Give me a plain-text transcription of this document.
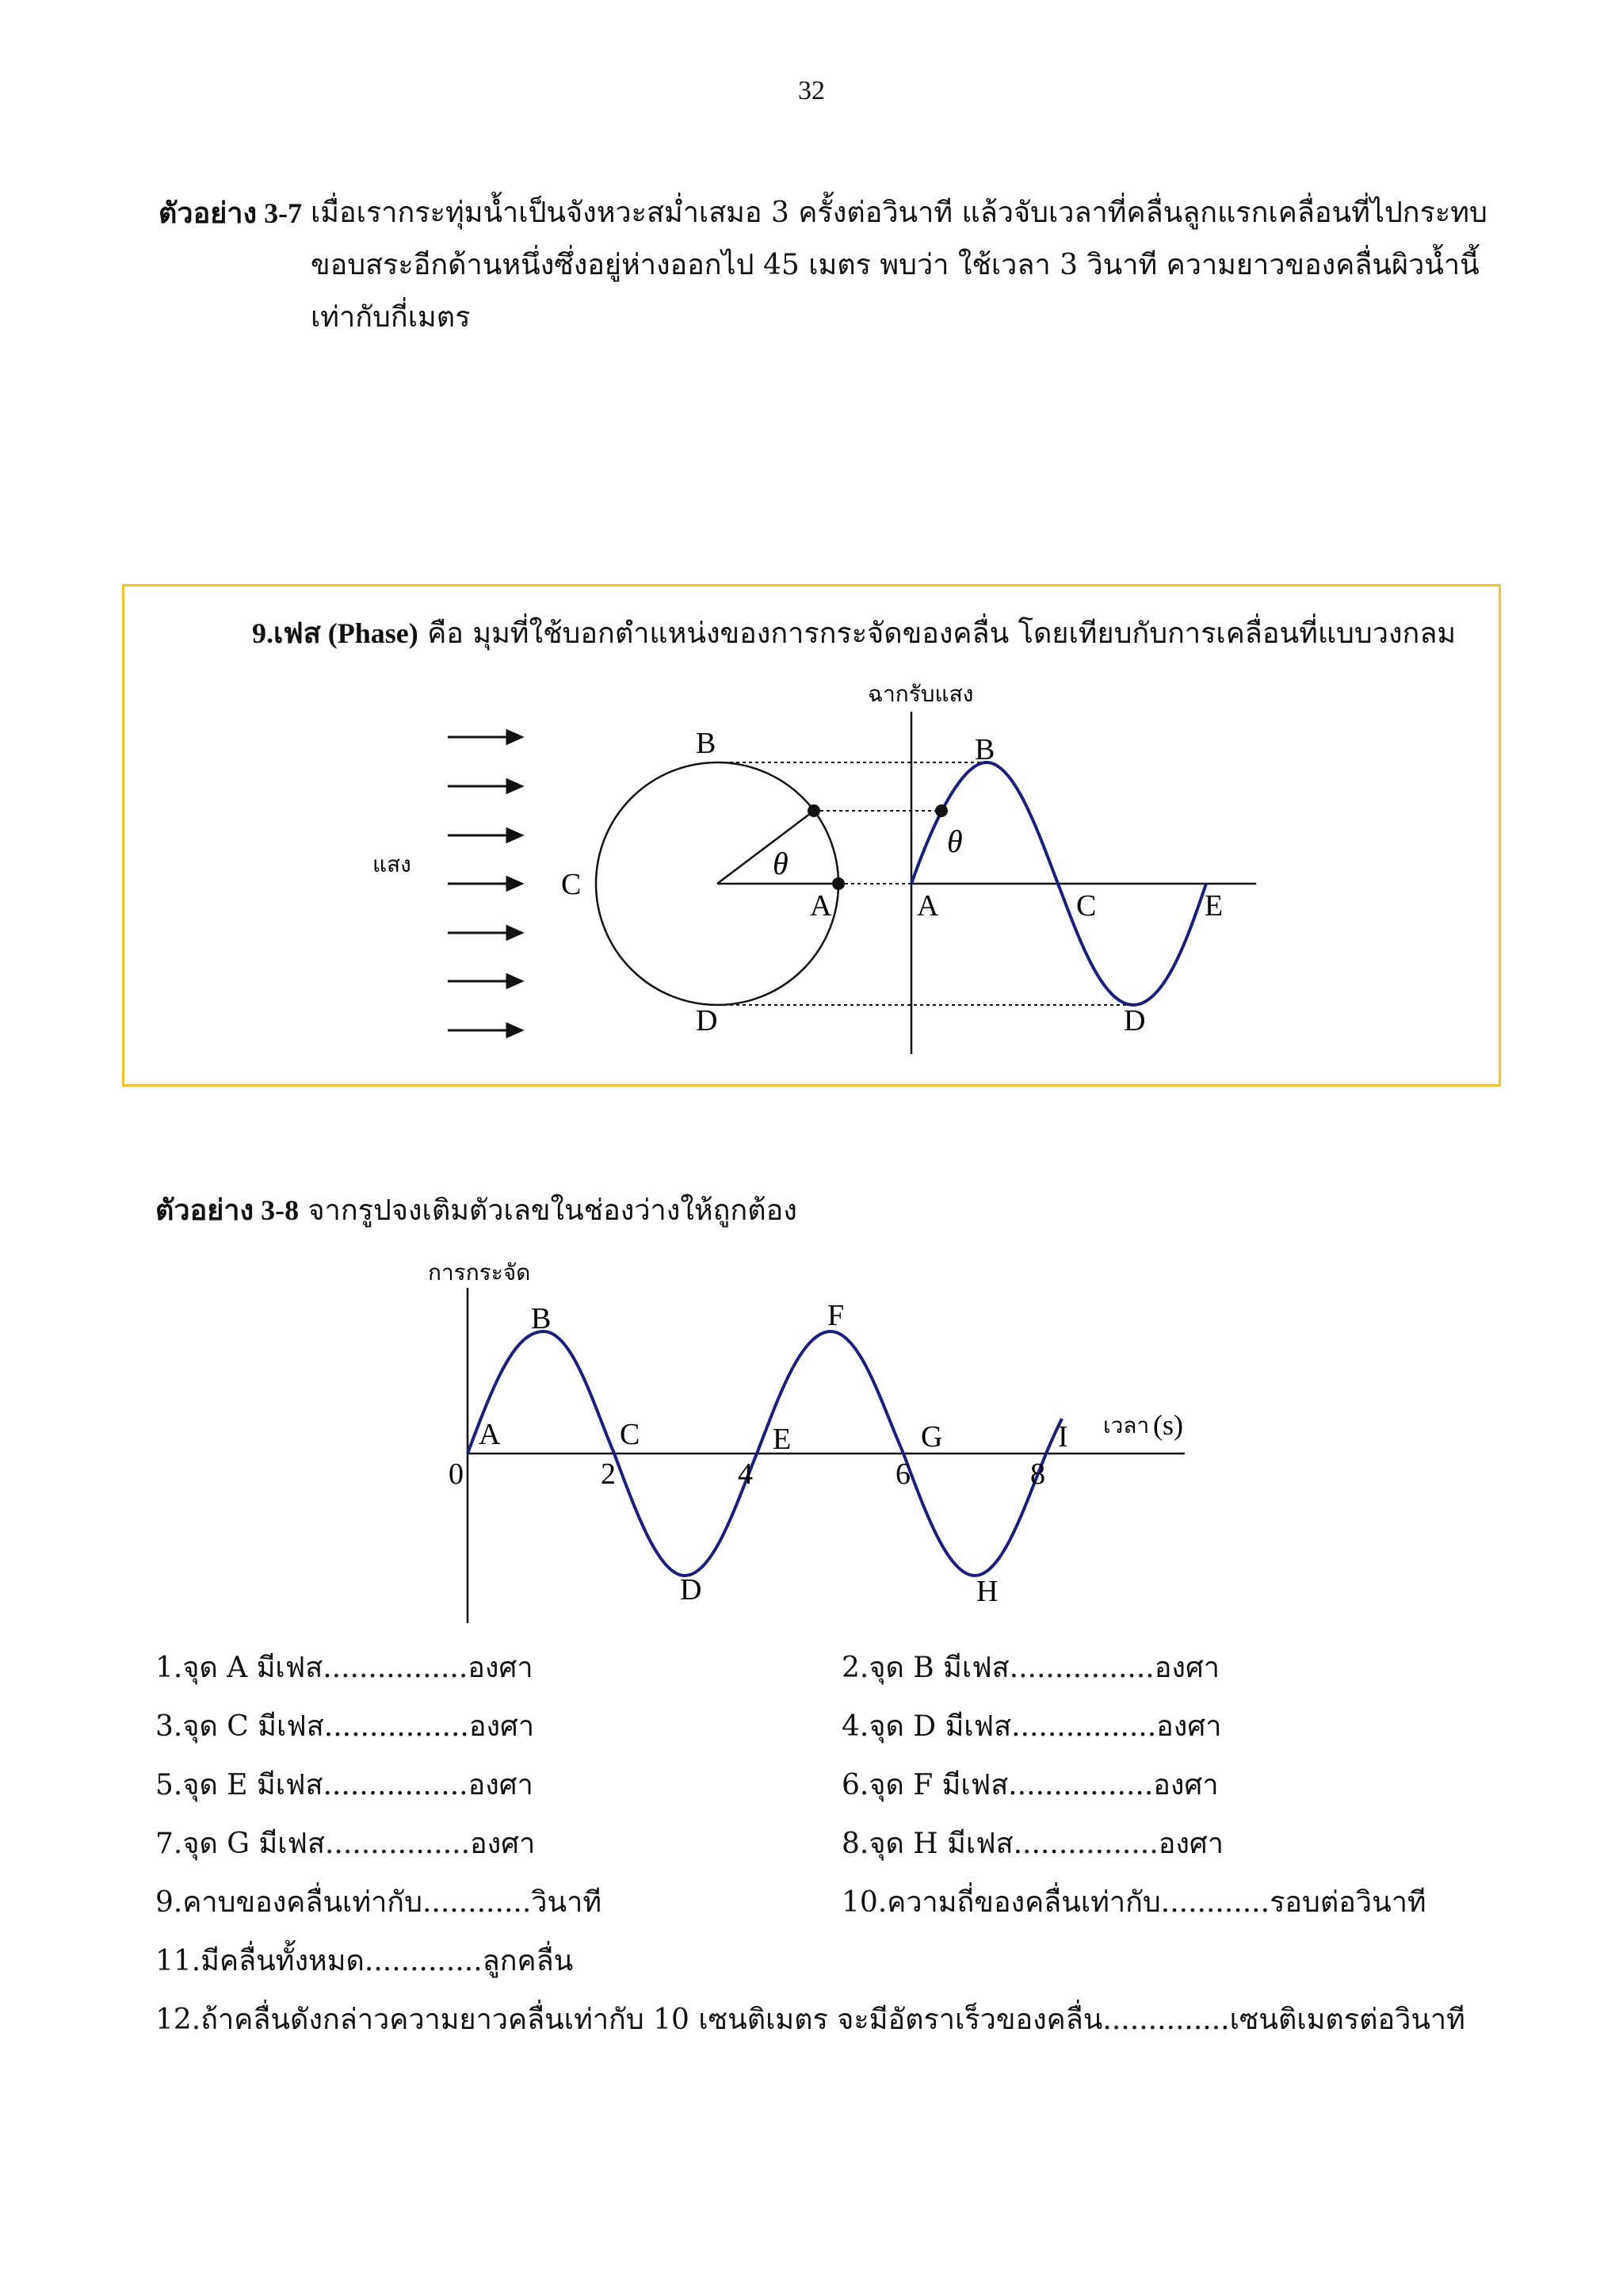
32
ตัวอย่าง 3-7 เมื่อเรากระทุ่มน้ำเป็นจังหวะสม่ำเสมอ 3 ครั้งต่อวินาที แล้วจับเวลาที่คลื่นลูกแรกเคลื่อนที่ไปกระทบขอบสระอีกด้านหนึ่งซึ่งอยู่ห่างออกไป 45 เมตร พบว่า ใช้เวลา 3 วินาที ความยาวของคลื่นผิวน้ำนี้เท่ากับกี่เมตร
9.เฟส (Phase) คือ มุมที่ใช้บอกตำแหน่งของการกระจัดของคลื่น โดยเทียบกับการเคลื่อนที่แบบวงกลม
แสง	θ
B
C
A
D
ฉากรับแสง
θ
B
A	C	E
D
ตัวอย่าง 3-8 จากรูปจงเติมตัวเลขในช่องว่างให้ถูกต้อง
การกระจัด
เวลา (s)
0	2	4	6	8
A
B
C
D
E
F
G
H
I
1.จุด A มีเฟส................องศา	2.จุด B มีเฟส................องศา
3.จุด C มีเฟส................องศา	4.จุด D มีเฟส................องศา
5.จุด E มีเฟส................องศา	6.จุด F มีเฟส................องศา
7.จุด G มีเฟส................องศา	8.จุด H มีเฟส................องศา
9.คาบของคลื่นเท่ากับ............วินาที	10.ความถี่ของคลื่นเท่ากับ............รอบต่อวินาที
11.มีคลื่นทั้งหมด.............ลูกคลื่น
12.ถ้าคลื่นดังกล่าวความยาวคลื่นเท่ากับ 10 เซนติเมตร จะมีอัตราเร็วของคลื่น..............เซนติเมตรต่อวินาที
